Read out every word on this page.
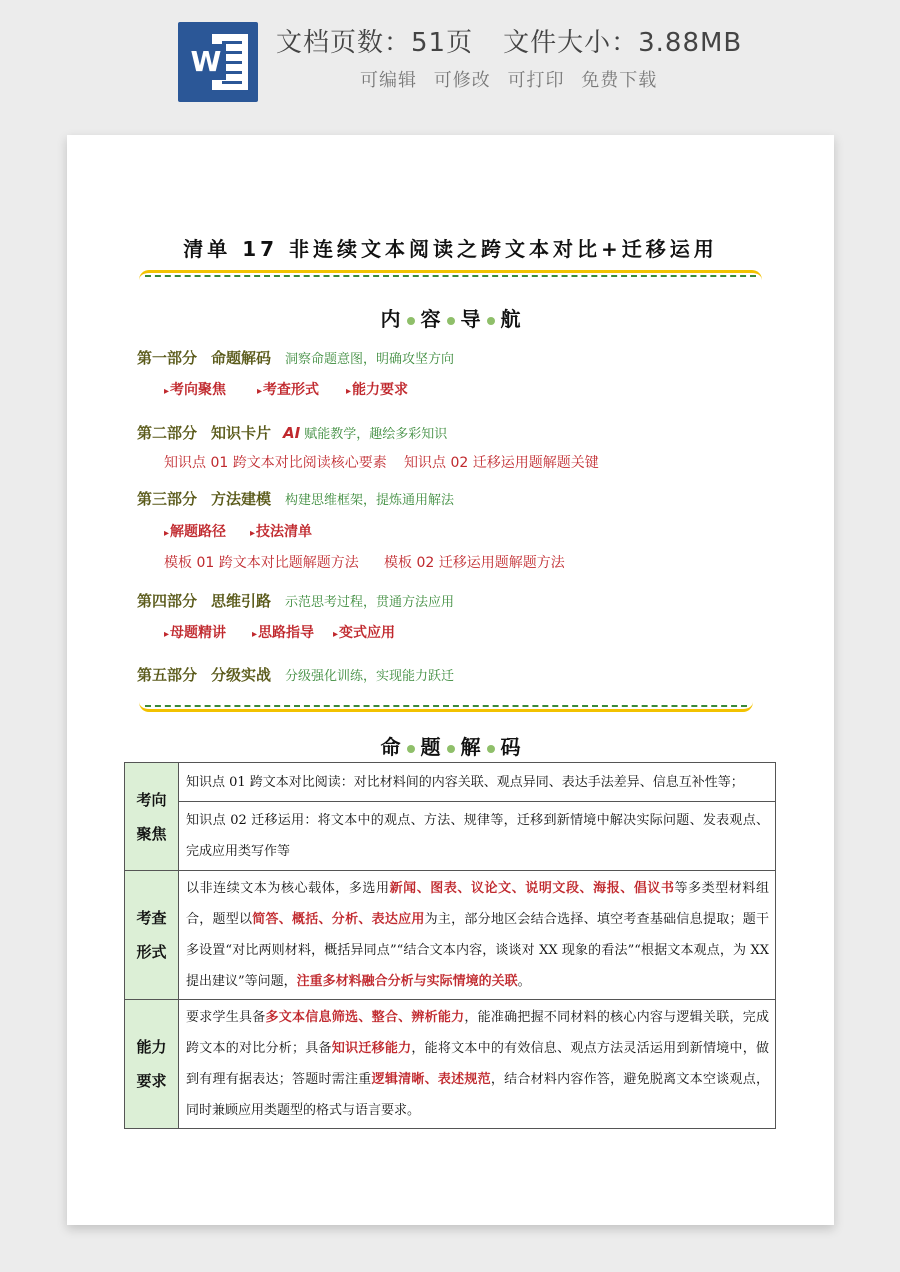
W
文档页数：51页 文件大小：3.88MB
可编辑 可修改 可打印 免费下载
清单 17 非连续文本阅读之跨文本对比+迁移运用
内 容 导 航
第一部分 命题解码 洞察命题意图，明确攻坚方向
▸考向聚焦	▸考查形式	▸能力要求
第二部分 知识卡片 AI 赋能教学，趣绘多彩知识
知识点 01 跨文本对比阅读核心要素 知识点 02 迁移运用题解题关键
第三部分 方法建模 构建思维框架，提炼通用解法
▸解题路径 ▸技法清单
模板 01 跨文本对比题解题方法 模板 02 迁移运用题解题方法
第四部分 思维引路 示范思考过程，贯通方法应用
▸母题精讲	▸思路指导 ▸变式应用
第五部分 分级实战 分级强化训练，实现能力跃迁
命 题 解 码
考向
聚焦	知识点 01 跨文本对比阅读：对比材料间的内容关联、观点异同、表达手法差异、信息互补性等；
	知识点 02 迁移运用：将文本中的观点、方法、规律等，迁移到新情境中解决实际问题、发表观点、完成应用类写作等

考查
形式	以非连续文本为核心载体，多选用新闻、图表、议论文、说明文段、海报、倡议书等多类型材料组合，题型以简答、概括、分析、表达应用为主，部分地区会结合选择、填空考查基础信息提取；题干多设置“对比两则材料，概括异同点”“结合文本内容，谈谈对 XX 现象的看法”“根据文本观点，为 XX 提出建议”等问题，注重多材料融合分析与实际情境的关联。

能力
要求	要求学生具备多文本信息筛选、整合、辨析能力，能准确把握不同材料的核心内容与逻辑关联，完成跨文本的对比分析；具备知识迁移能力，能将文本中的有效信息、观点方法灵活运用到新情境中，做到有理有据表达；答题时需注重逻辑清晰、表述规范，结合材料内容作答，避免脱离文本空谈观点，同时兼顾应用类题型的格式与语言要求。
